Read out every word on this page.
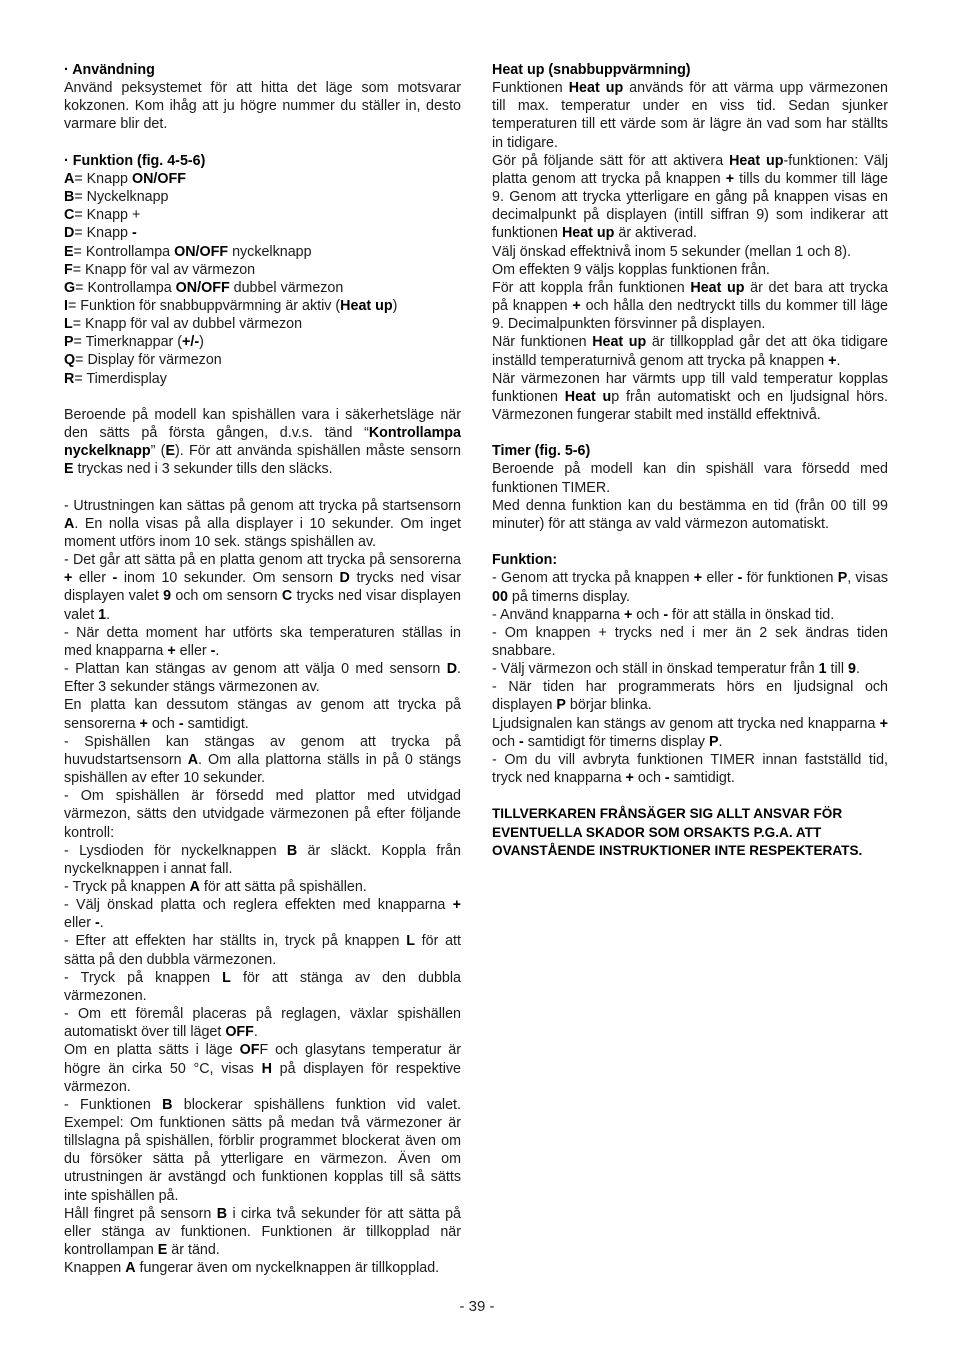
· Användning

Använd peksystemet för att hitta det läge som motsvarar kokzonen. Kom ihåg att ju högre nummer du ställer in, desto varmare blir det.

· Funktion (fig. 4-5-6)

A= Knapp ON/OFF

B= Nyckelknapp

C= Knapp +

D= Knapp -

E= Kontrollampa ON/OFF nyckelknapp

F= Knapp för val av värmezon

G= Kontrollampa ON/OFF dubbel värmezon

I= Funktion för snabbuppvärmning är aktiv (Heat up)

L= Knapp för val av dubbel värmezon

P= Timerknappar (+/-)

Q= Display för värmezon

R= Timerdisplay

Beroende på modell kan spishällen vara i säkerhetsläge när den sätts på första gången, d.v.s. tänd “Kontrollampa nyckelknapp” (E). För att använda spishällen måste sensorn E tryckas ned i 3 sekunder tills den släcks.

- Utrustningen kan sättas på genom att trycka på startsensorn A. En nolla visas på alla displayer i 10 sekunder. Om inget moment utförs inom 10 sek. stängs spishällen av.

- Det går att sätta på en platta genom att trycka på sensorerna + eller - inom 10 sekunder. Om sensorn D trycks ned visar displayen valet 9 och om sensorn C trycks ned visar displayen valet 1.

- När detta moment har utförts ska temperaturen ställas in med knapparna + eller -.

- Plattan kan stängas av genom att välja 0 med sensorn D. Efter 3 sekunder stängs värmezonen av.

En platta kan dessutom stängas av genom att trycka på sensorerna + och - samtidigt.

- Spishällen kan stängas av genom att trycka på huvudstartsensorn A. Om alla plattorna ställs in på 0 stängs spishällen av efter 10 sekunder.

- Om spishällen är försedd med plattor med utvidgad värmezon, sätts den utvidgade värmezonen på efter följande kontroll:

- Lysdioden för nyckelknappen B är släckt. Koppla från nyckelknappen i annat fall.

- Tryck på knappen A för att sätta på spishällen.

- Välj önskad platta och reglera effekten med knapparna + eller -.

- Efter att effekten har ställts in, tryck på knappen L för att sätta på den dubbla värmezonen.

- Tryck på knappen L för att stänga av den dubbla värmezonen.

- Om ett föremål placeras på reglagen, växlar spishällen automatiskt över till läget OFF.

Om en platta sätts i läge OFF och glasytans temperatur är högre än cirka 50 °C, visas H på displayen för respektive värmezon.

- Funktionen B blockerar spishällens funktion vid valet. Exempel: Om funktionen sätts på medan två värmezoner är tillslagna på spishällen, förblir programmet blockerat även om du försöker sätta på ytterligare en värmezon. Även om utrustningen är avstängd och funktionen kopplas till så sätts inte spishällen på.

Håll fingret på sensorn B i cirka två sekunder för att sätta på eller stänga av funktionen. Funktionen är tillkopplad när kontrollampan E är tänd.

Knappen A fungerar även om nyckelknappen är tillkopplad.

Heat up (snabbuppvärmning)

Funktionen Heat up används för att värma upp värmezonen till max. temperatur under en viss tid. Sedan sjunker temperaturen till ett värde som är lägre än vad som har ställts in tidigare.

Gör på följande sätt för att aktivera Heat up-funktionen: Välj platta genom att trycka på knappen + tills du kommer till läge 9. Genom att trycka ytterligare en gång på knappen visas en decimalpunkt på displayen (intill siffran 9) som indikerar att funktionen Heat up är aktiverad.

Välj önskad effektnivå inom 5 sekunder (mellan 1 och 8).

Om effekten 9 väljs kopplas funktionen från.

För att koppla från funktionen Heat up är det bara att trycka på knappen + och hålla den nedtryckt tills du kommer till läge 9. Decimalpunkten försvinner på displayen.

När funktionen Heat up är tillkopplad går det att öka tidigare inställd temperaturnivå genom att trycka på knappen +.

När värmezonen har värmts upp till vald temperatur kopplas funktionen Heat up från automatiskt och en ljudsignal hörs. Värmezonen fungerar stabilt med inställd effektnivå.

Timer (fig. 5-6)

Beroende på modell kan din spishäll vara försedd med funktionen TIMER.

Med denna funktion kan du bestämma en tid (från 00 till 99 minuter) för att stänga av vald värmezon automatiskt.

Funktion:

- Genom att trycka på knappen + eller - för funktionen P, visas 00 på timerns display.

- Använd knapparna + och - för att ställa in önskad tid.

- Om knappen + trycks ned i mer än 2 sek ändras tiden snabbare.

- Välj värmezon och ställ in önskad temperatur från 1 till 9.

- När tiden har programmerats hörs en ljudsignal och displayen P börjar blinka.

Ljudsignalen kan stängs av genom att trycka ned knapparna + och - samtidigt för timerns display P.

- Om du vill avbryta funktionen TIMER innan fastställd tid, tryck ned knapparna + och - samtidigt.

TILLVERKAREN FRÅNSÄGER SIG ALLT ANSVAR FÖR EVENTUELLA SKADOR SOM ORSAKTS P.G.A. ATT OVANSTÅENDE INSTRUKTIONER INTE RESPEKTERATS.

- 39 -
